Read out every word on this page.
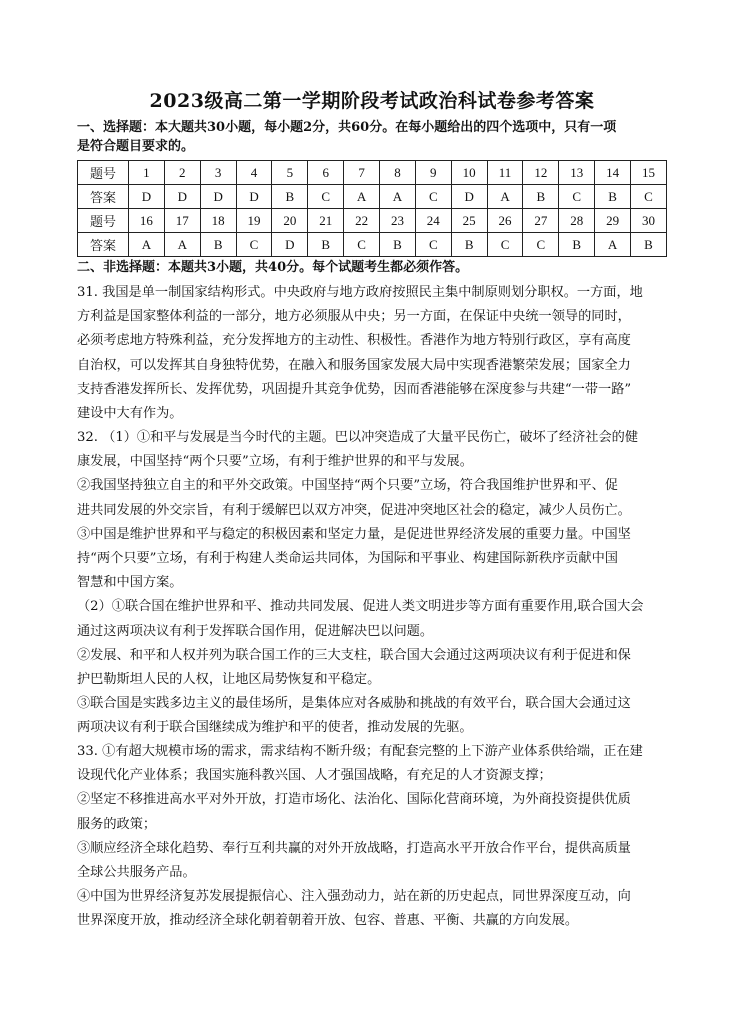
2023级高二第一学期阶段考试政治科试卷参考答案
一、选择题：本大题共30小题，每小题2分，共60分。在每小题给出的四个选项中，只有一项
是符合题目要求的。
题号	1	2	3	4	5	6	7	8	9	10	11	12	13	14	15
答案	D	D	D	D	B	C	A	A	C	D	A	B	C	B	C
题号	16	17	18	19	20	21	22	23	24	25	26	27	28	29	30
答案	A	A	B	C	D	B	C	B	C	B	C	C	B	A	B
二、非选择题：本题共3小题，共40分。每个试题考生都必须作答。

31. 我国是单一制国家结构形式。中央政府与地方政府按照民主集中制原则划分职权。一方面，地

方利益是国家整体利益的一部分，地方必须服从中央；另一方面，在保证中央统一领导的同时，

必须考虑地方特殊利益，充分发挥地方的主动性、积极性。香港作为地方特别行政区，享有高度

自治权，可以发挥其自身独特优势，在融入和服务国家发展大局中实现香港繁荣发展；国家全力

支持香港发挥所长、发挥优势，巩固提升其竞争优势，因而香港能够在深度参与共建“一带一路”

建设中大有作为。

32. （1）①和平与发展是当今时代的主题。巴以冲突造成了大量平民伤亡，破坏了经济社会的健

康发展，中国坚持“两个只要”立场，有利于维护世界的和平与发展。

②我国坚持独立自主的和平外交政策。中国坚持“两个只要”立场，符合我国维护世界和平、促

进共同发展的外交宗旨，有利于缓解巴以双方冲突，促进冲突地区社会的稳定，减少人员伤亡。

③中国是维护世界和平与稳定的积极因素和坚定力量，是促进世界经济发展的重要力量。中国坚

持“两个只要”立场，有利于构建人类命运共同体，为国际和平事业、构建国际新秩序贡献中国

智慧和中国方案。

（2）①联合国在维护世界和平、推动共同发展、促进人类文明进步等方面有重要作用,联合国大会

通过这两项决议有利于发挥联合国作用，促进解决巴以问题。

②发展、和平和人权并列为联合国工作的三大支柱，联合国大会通过这两项决议有利于促进和保

护巴勒斯坦人民的人权，让地区局势恢复和平稳定。

③联合国是实践多边主义的最佳场所，是集体应对各威胁和挑战的有效平台，联合国大会通过这

两项决议有利于联合国继续成为维护和平的使者，推动发展的先驱。

33. ①有超大规模市场的需求，需求结构不断升级；有配套完整的上下游产业体系供给端，正在建

设现代化产业体系；我国实施科教兴国、人才强国战略，有充足的人才资源支撑；

②坚定不移推进高水平对外开放，打造市场化、法治化、国际化营商环境，为外商投资提供优质

服务的政策；

③顺应经济全球化趋势、奉行互利共赢的对外开放战略，打造高水平开放合作平台，提供高质量

全球公共服务产品。

④中国为世界经济复苏发展提振信心、注入强劲动力，站在新的历史起点，同世界深度互动，向

世界深度开放，推动经济全球化朝着朝着开放、包容、普惠、平衡、共赢的方向发展。
